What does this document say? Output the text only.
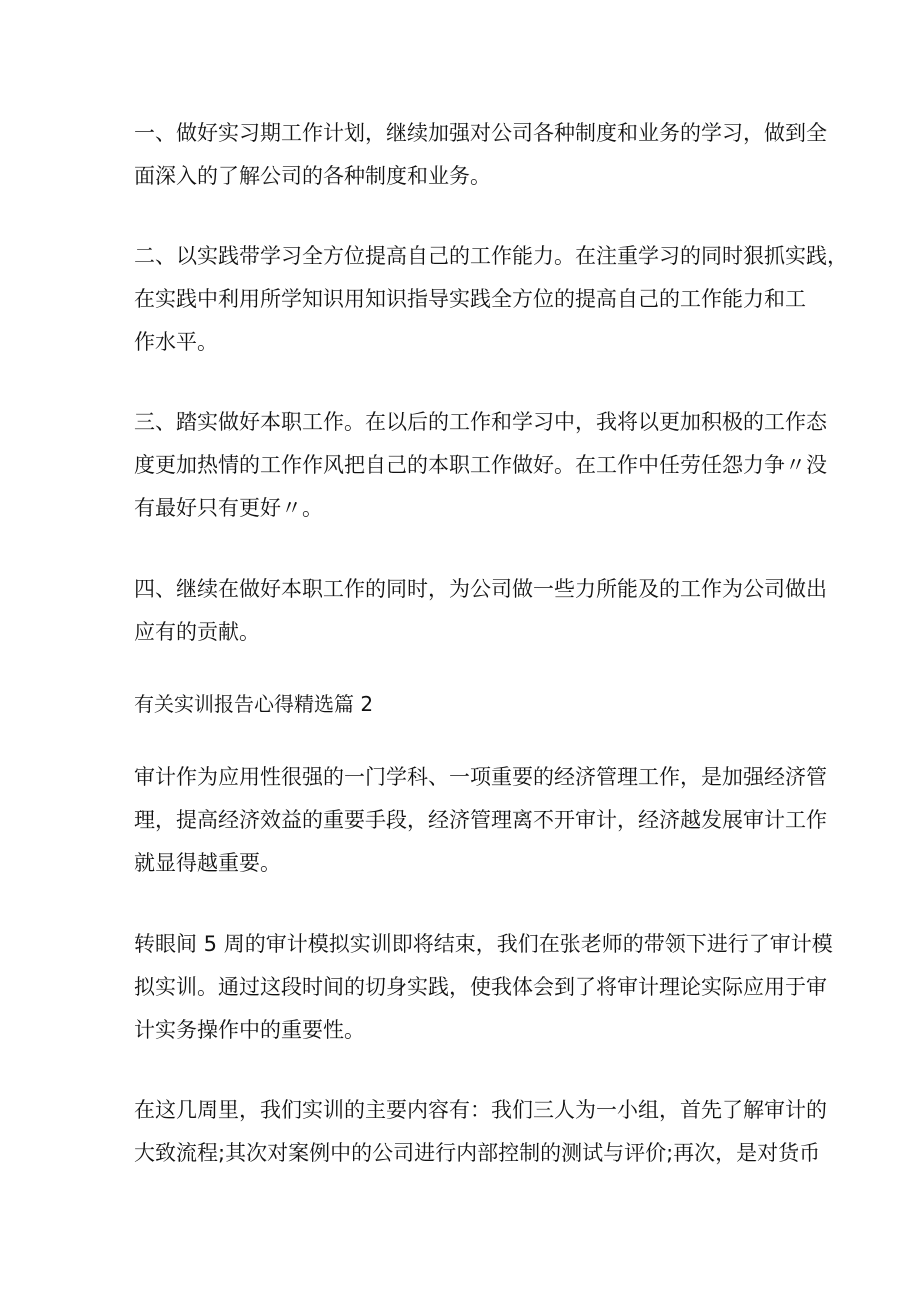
一、做好实习期工作计划，继续加强对公司各种制度和业务的学习，做到全
面深入的了解公司的各种制度和业务。
二、以实践带学习全方位提高自己的工作能力。在注重学习的同时狠抓实践，
在实践中利用所学知识用知识指导实践全方位的提高自己的工作能力和工
作水平。
三、踏实做好本职工作。在以后的工作和学习中，我将以更加积极的工作态
度更加热情的工作作风把自己的本职工作做好。在工作中任劳任怨力争〃没
有最好只有更好〃。
四、继续在做好本职工作的同时，为公司做一些力所能及的工作为公司做出
应有的贡献。
有关实训报告心得精选篇 2
审计作为应用性很强的一门学科、一项重要的经济管理工作，是加强经济管
理，提高经济效益的重要手段，经济管理离不开审计，经济越发展审计工作
就显得越重要。
转眼间 5 周的审计模拟实训即将结束，我们在张老师的带领下进行了审计模
拟实训。通过这段时间的切身实践，使我体会到了将审计理论实际应用于审
计实务操作中的重要性。
在这几周里，我们实训的主要内容有：我们三人为一小组，首先了解审计的
大致流程;其次对案例中的公司进行内部控制的测试与评价;再次，是对货币
